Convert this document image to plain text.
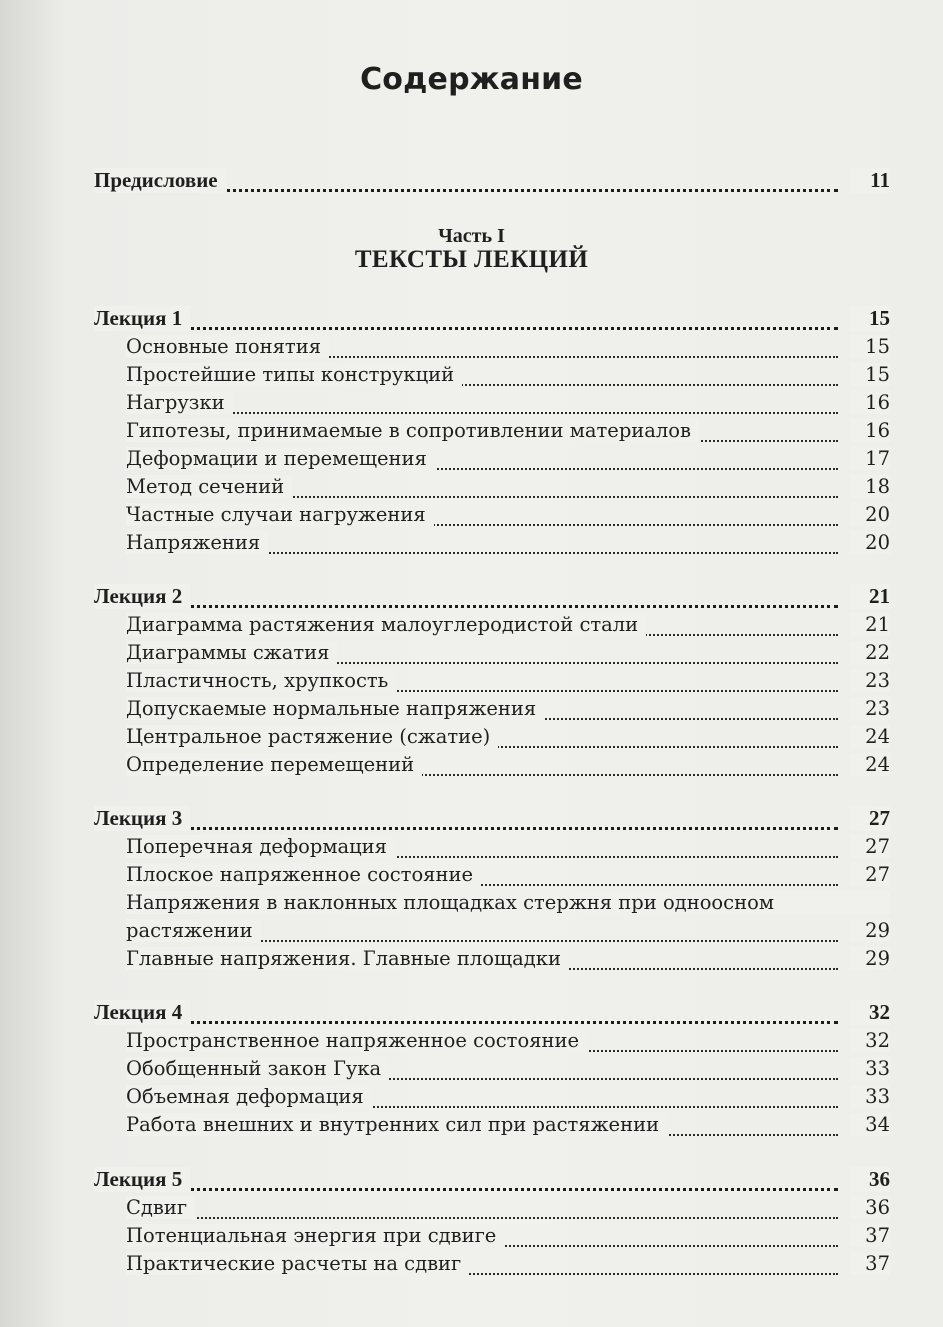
Содержание
Предисловие	11
Часть I
ТЕКСТЫ ЛЕКЦИЙ
Лекция 1	15
Основные понятия	15
Простейшие типы конструкций	15
Нагрузки	16
Гипотезы, принимаемые в сопротивлении материалов	16
Деформации и перемещения	17
Метод сечений	18
Частные случаи нагружения	20
Напряжения	20
Лекция 2	21
Диаграмма растяжения малоуглеродистой стали	21
Диаграммы сжатия	22
Пластичность, хрупкость	23
Допускаемые нормальные напряжения	23
Центральное растяжение (сжатие)	24
Определение перемещений	24
Лекция 3	27
Поперечная деформация	27
Плоское напряженное состояние	27
Напряжения в наклонных площадках стержня при одноосном
растяжении	29
Главные напряжения. Главные площадки	29
Лекция 4	32
Пространственное напряженное состояние	32
Обобщенный закон Гука	33
Объемная деформация	33
Работа внешних и внутренних сил при растяжении	34
Лекция 5	36
Сдвиг	36
Потенциальная энергия при сдвиге	37
Практические расчеты на сдвиг	37
